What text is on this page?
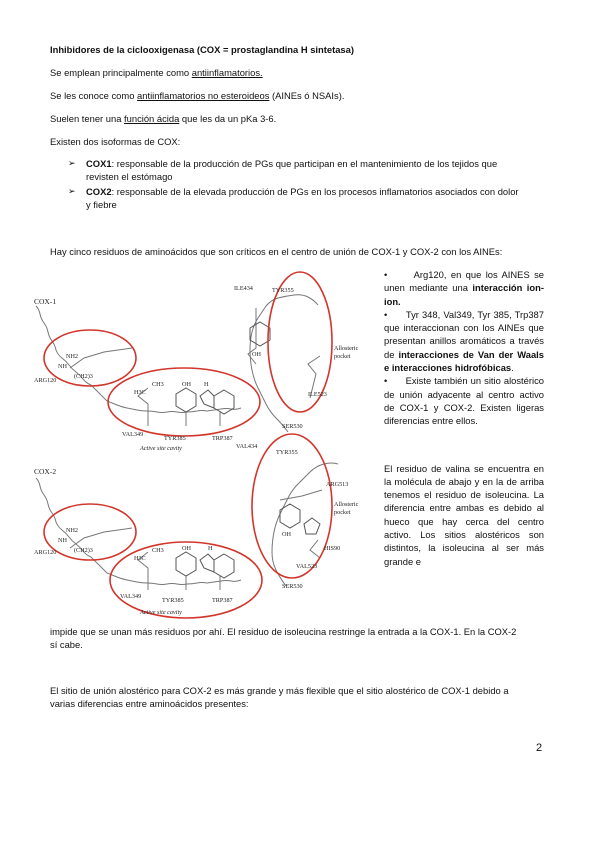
Inhibidores de la ciclooxigenasa (COX = prostaglandina H sintetasa)
Se emplean principalmente como antiinflamatorios.
Se les conoce como antiinflamatorios no esteroideos (AINEs ó NSAIs).
Suelen tener una función ácida que les da un pKa 3-6.
Existen dos isoformas de COX:
➢ COX1: responsable de la producción de PGs que participan en el mantenimiento de los tejidos que
revisten el estómago
➢ COX2: responsable de la elevada producción de PGs en los procesos inflamatorios asociados con dolor
y fiebre
Hay cinco residuos de aminoácidos que son críticos en el centro de unión de COX-1 y COX-2 con los AINEs:
•      Arg120, en que los AINES se unen mediante una interacción ion-ion.
•      Tyr 348, Val349, Tyr 385, Trp387 que interaccionan con los AINEs que presentan anillos aromáticos a través de interacciones de Van der Waals e interacciones hidrofóbicas.
•      Existe también un sitio alostérico de unión adyacente al centro activo de COX-1 y COX-2. Existen ligeras diferencias entre ellos.
El residuo de valina se encuentra en la molécula de abajo y en la de arriba tenemos el residuo de isoleucina. La diferencia entre ambas es debido al hueco que hay cerca del centro activo. Los sitios alostéricos son distintos, la isoleucina al ser más grande e
impide que se unan más residuos por ahí. El residuo de isoleucina restringe la entrada a la COX-1. En la COX-2
sí cabe.
El sitio de unión alostérico para COX-2 es más grande y más flexible que el sitio alostérico de COX-1 debido a
varias diferencias entre aminoácidos presentes:
2
COX-1
COX-2
NH2
NH
(CH2)3
ARG120
H3C
CH3	OH H
VAL349
TYR385	TRP387
Active site cavity
ILE434	TYR355
OH
Allosteric
pocket
ILE523
SER530
NH2
NH
(CH2)3
ARG120
H3C
CH3	OH	H
VAL349
TYR385	TRP387
Active site cavity
VAL434
TYR355
ARG513
Allosteric
pocket
HIS90
VAL523
SER530
OH
